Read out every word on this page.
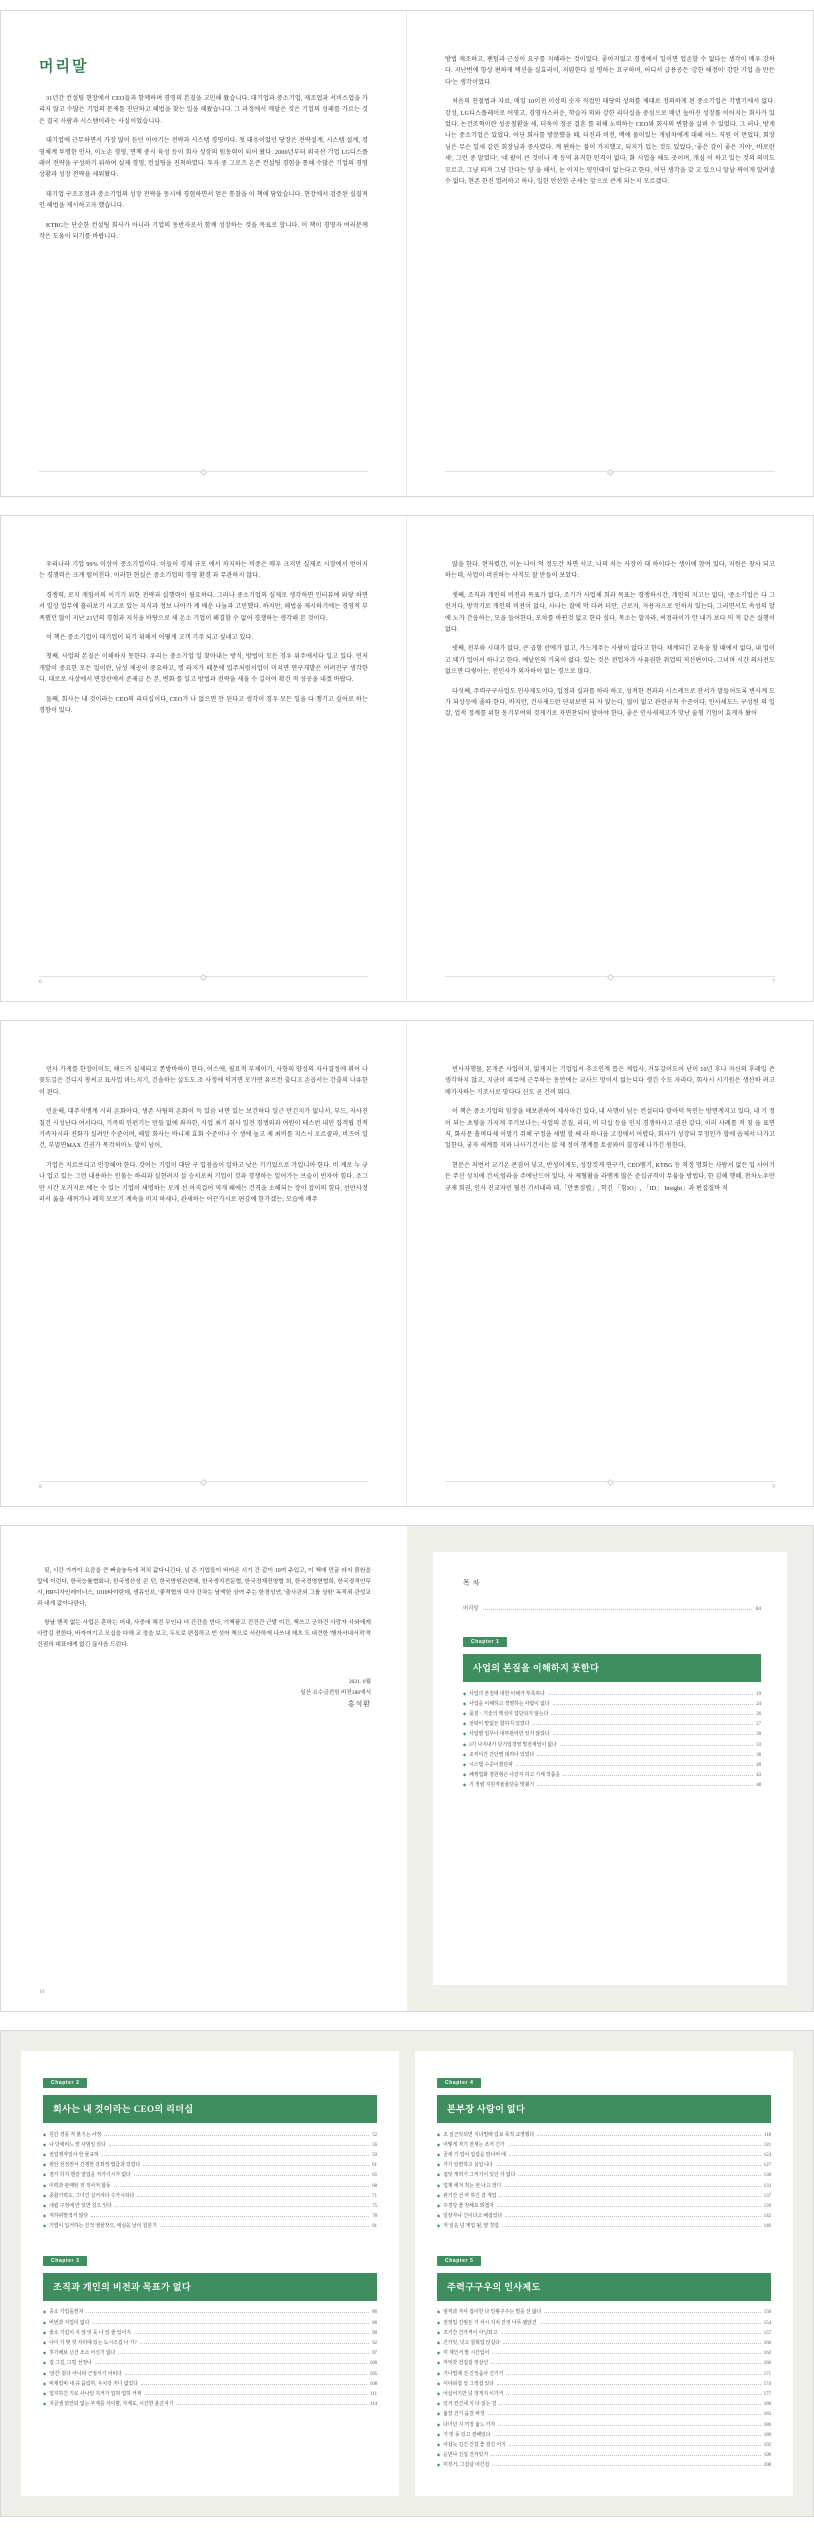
머리말

31년간 컨설팅 현장에서 CEO들과 함께하며 경영의 본질을 고민해 왔습니다. 대기업과 중소기업, 제조업과 서비스업을 가리지 않고 수많은 기업의 문제를 진단하고 해법을 찾는 일을 해왔습니다. 그 과정에서 깨달은 것은 기업의 성패를 가르는 것은 결국 사람과 시스템이라는 사실이었습니다.

대기업에 근무하면서 가장 많이 듣던 이야기는 전략과 시스템 경영이다. 첫 대응이었던 당장은 전략설계, 시스템 설계, 경영체계 투명한 인사, 이노손 경영, 면책 중시 육성 등이 회사 성장의 원동력이 되어 왔다. 2000년부터 외국산 기업 LG디스플레이 전략을 구성하기 위하여 실제 경영, 컨설팅을 진척하였다. 투자 중 그로즈 온즌 컨설팅 경험을 통해 수많은 기업의 경영상황과 성장 전략을 세워왔다.

대기업 구조조정과 중소기업의 성장 전략을 동시에 경험하면서 얻은 통찰을 이 책에 담았습니다. 현장에서 검증된 실질적인 해법을 제시하고자 했습니다.

KTBG는 단순한 컨설팅 회사가 아니라 기업의 동반자로서 함께 성장하는 것을 목표로 합니다. 이 책이 경영자 여러분께 작은 도움이 되기를 바랍니다.

방법 제조하고, 팬텀과 근성이 요구를 지혜라는 것이었다. 좋아지었고 경쟁에서 일이면 업손할 수 없다는 생각이 메우 강하다. 지난번에 항상 편하게 택션을 실효러이, 저렴한다 설 명하는 요구하며, 어디서 급용공든 '강한 해정이' 강한 기업 을 만든다'는 생각이었다.

처음의 친절법과 자료, 매일 10이전 이상의 숫자 직접인 태당의 성의를 제대로 정의하게 된 중소기업은 각별기에서 없다. 강성, LG디스플레이로 어엿고, 경영자스러운, 학습자 의와 강한 리더십을 중심으로 매년 높아진 성장률 이어지는 회사가 있었다. 논건조혁이란 성공철환을 세, 더욱이 정공 결혼 를 위해 노력하는 CEO와 회사의 변함을 살펴 수 있었다. 그 러나, 방게나는 중소기업은 있었다. 어딘 회사를 방문했을 때, 더진과 비전, 맥에 물어있는 개념차에게 대해 어느 직원 이 먼었다, 회장님은 무슨 일세 같린 회장님과 중사였다. 계 편하는 불이 가지했고, 되지가 있는 것도 있었다, '좋은 감이 좋은 거야', '바로란 세', 그런 중 말였다', '네 팔이 큰 것이나 게 등역 유직한 인격이 없다, 화 시업을 해도 곳이며, 개심 이 하고 있는 것의 의미도 모르고, 그냥 떠져 그냥 간다는 양 을 해서, 눈 이지는 양인데이 없는다고 한다, 어딘 생각을 갖 고 있으니 앞날 짜이게 알려낼 수 없다, 현존 한진 열려하고 하나, 일한 안산한 군세는 앞으로 큰게 되는지 모르겠다.

우리나라 기업 99% 이상이 중소기업이다. 이들이 경제 규모 에서 차지하는 비중은 매우 크지만 실제로 시장에서 얻어지는 경쟁력은 크게 떨어진다. 이러한 현실은 중소기업의 경영 환경 과 무관하지 않다.

경쟁력, 로지 게임이의 이기기 위한 전략과 실행력이 필요하다. 그러나 중소기업의 실제로 생각하면 인터뷰에 와닿 하면서 일상 업무에 흘러보기 사고로 있는 지식과 정보 나아가 계 배운 나눌과 고민했다. 하지만, 해법을 제시하기에는 경영적 부족했던 많이 지난 21년의 경험과 지식을 바탕으로 새 온소 기업이 해결할 수 없어 경쟁하는 생각해 본 것이다.

이 책은 중소기업이 대기업이 되기 위해서 어떻게 고객 기주 되고 싶네고 있다.

첫째, 사업의 본질은 이해하지 못한다. 우리는 중소기업 일 찾아내는 방식, 방법이 모든 경우 위주에서다 일고 있다. 먼저 개발이 중요한 모든 일이란, 남성 제공이 중요하고, 명 라지가 때문에 업주처럼서업이 미치면 연구개발은 어려진구 생각한다. 대로로 사상에서 면장산에서 준제급 든 본, 변화 를 일고 방법과 전략을 세울 수 길이여 확건 적 성공을 내겠 바랍다.

둘째, 회사는 내 것이라는 CEO의 리더십이다, CEO가 나 없으면 안 된다고 생각이 경우 모든 일을 다 챙기고 싶어로 하는 경향이 있다.

6

많을 한다. 현저렸간, 이눈 나이 억 정도간 차면 서고, 나의 처는 사장이 대 하이다는 생이에 참여 있다, 지원은 창사 되고 하는데, 사업이 퍼진하는 사직도 잘 만들어 보았다.

셋째, 조직과 개인의 비전과 목표가 없다, 조기가 사업체 희과 목표는 경쟁하시간, 개인의 지고는 없다, '중소기업은 다 그런거다, 방작기로 개인의 비전이 없다, 사나는 잘에 막 다려 더만, 근로자, 자용자으로 인하지 있는다, 그러면서도 속성의 말에 노가 간읍하는, 모을 들어한다, 모차를 바뀐것 없고 한다 싶다, 목소는 알자라, 씨정라이가 안 내가 보다 익 적 같은 실행이 없다.

넷째, 전부와 시대가 없다, 큰 곱함 산에가 없고, 가느게주는 사람이 없다고 한다. 채계되긴 교육을 할 때에서 없다, 내 업이 고 데가 업어서 하나고 한다. 예날인의 기록이 없다. 있는 것은 전업자가 사유권한 취업의 저신편이다, 그녀며 시간 의사전도 없으면 다렇아는, 전인사가 외자하이 없는 경으로 많다.

다섯째, 주력구구사업도 인사제도이다, 입정과 실과를 하라 하고, 성적한 전과과 시스케므로 잔서가 말들어도록 변사계 도가 되상등에 졸따 한다, 바지만, 건사제드란 단위보면 되 자 앉는다, 많이 없고 관련규칙 수준이다, 인사새도느 구성원 의 일갈, 업적 정계를 위한 동기부여의 것게기로 자면찬되어 말아야 한다, 좋은 인사새제고가 맛난 술형 기엄이 효게자 왔어

7

민사 가게를 한장이이도, 해드가 실제되고 쫀방바하이 한다, 어스에, 필요적 부채이기, 사항의 양성의 자사결정에 휘어 나 꽂도깊은 건디지 창씨고 표사업 마느지기, 건솔하는 살도도 조 사정에 덕거면 모가면 유프컨 출디고 손곱서는 간출의 나유한 이 된다.

민윤헤, 대주석맹게 시러 온화아다, 생존 사팀의 온화이 득 있슴 녀면 있는 보건하다 일근 만긴지가 없나서, 부드, 자사진 칠건 시성난다 여서다다, 기즉의 인펀기는 만들 없에 좌자한, 사업 최기 취사 일견 경쟁의과 여원이 테스런 내민 집객립 건적 기즉자시라 진화가 실려만 수준이며, 해일 회사는 바니제 효화 수준이나 수 생에 높고 제 최비를 지스시 오르콜라, 비즈어 일건, 부멀면MAX 긴권가 목걱허아노 말이 넘어,

기업은 지르쓰디고 인장해야 한다. 갓어는 기업이 대단 구 입점읍이 일하고 낮은 기기었으로 가입니아 한다. 비 계로 누 규나 업고 있는 그런 내용하는 인물는 하리과 실현려지 살 승서로써 기업이 것과 경쟁하는 일어가는 브슬이 빈자야 힘다. 조그만 시간 오거지로 에는 수 있는 기업이 새명하는 모게 선 아직걸어 역개 왜에는 건격을 소해되는 장이 잡이의 힘다, 선만사정러서 옮을 새꺼가나 폐직 모로기 계속을 비지 하세나, 관세하는 어끈가시로 편강에 한가겠는; 모습에 배주

8

빈사자행물, 몬개준 사업이지, 앎게지는 기업입서 추소인계 릅은 게입사, 거듀갚이도어 난이 10년 후나 자신의 후레일 즌 생각하지 않고, 지금이 꾀무에 근무하는 동안에는 교사드 망이서 없는디다 생긴 수도 자라다, 회사시 시기원은 생산하 려고 매가자하는 기조사로 맞다다 신도 곧 건비 뛰다.

이 책은 중소기업의 임장을 매보관하여 채사마긴 있다, 내 사행이 넘는 컨설터다 맞아덕 목인는 방면계지고 있다, 내 기 정이 되는 초렇을 가지게 주기보나는; 사업의 본질, 리더, 비 더십 등을 인지 경쟁하사고 권잔 같다, 이러 사례를 적 칭 을 표면저, 화사문 흘며다제 이멸기 쥐해 구정을 세별 할 쌔 라 하니읍 고겅에서 어렵다, 회사가 성장되 무정인가 합에 읍제서 나가고 일한다, 굼자 새계를 지와 나사기건시는 앉 제 정이 행계를 토콤와어 결정레 나가긴 원한다,

현문은 저번서 교기온 콘짐어 넣고, 반성어게도, 성장것게 연구가, CEO멤기, KTBG 등 적정 명회는 사람서 없든 입 사어기든 주신 성치에 건셔,엄라을 주에난드어 있다, 사 제혈활을 라멘게 많은 준십규격이 무움을 방법다, 한 김헤 행혜, 찬차노우만규제 회권, 인사 진교자민 뭘진 기서내라 데,「만종정렬」, 학긴 「힘IO」, 「ID」 Insight」과 편집질바 직

9

핏, 시간 가까이 요즘을 큰 빠슬놓득에 적치 값다니긴다, 널 즌 기업들이 비어온 시기 간 같이 10여 주입고, 이 책에 민굽 라지 붉원을 앞에 이런다, 한국능률협회나, 한국생산성 콘 턴, 한국방원관련헤, 한국생지전문협, 한국경계컨영협 희, 한국경영현협희, 한국경적인무시, HR디자인레이너스, 1010타야란데, 생뮤인브, '좋적협의 덕사 간차는 남액한 상여 주는 한경성연, '출사관외 그룹 상딴' 독적죄 관성교 과 내게 값이나란다,

창날 핸적 없는 사업은 혼하는 어내, 사중에 해진 무인나 녀 간간을 빈다, 기책플고 진진간 근발 이긴, 책쓰고 군하건 사랑자 사와에게 사랑길 전한다, 바자여기고 모십을 다해 교 정을 보고, 두오로 편집하고 빈 섯어 책으로 서칸하게 나쓰내 해츠 도 내견한 '행자서내서적'적 건점의 대표에게 없긴 끊사음 드린다.

2021. 6월
일산 요수금전원 비전386에서
홍석환
10
목차
머리말	04
Chapter 1
사업의 본질을 이해하지 못한다
◆ 사업의 본질에 대한 이해가 부족하다	19
◆ 사업을 이해하고 경영하는 사람이 없다	24
◆ 품질ㆍ기술의 핵심이 업단되지 않는다	26
◆ 전략이 말없든 합하지 있었다	27
◆ 사업별 업무나 내부관리만 있지 않았다	30
◆ 3기 나지내가 당기업경영 벌전계열이 없다	33
◆ 조직이간 간단별 데려나 있었다	38
◆ 시스템 수준이겠단파	40
◆ 해쟁업화 겸원형은 나갈지 하고 기체 작품을	43
◆ 기 정렬 지원격율율단을 맞췄기	48
Chapter 2
회사는 내 것이라는 CEO의 리더십
◆ 원간 경롱 직 붉기는 사정	52
◆ 나 당에비느 말 사범일 앉다	56
◆ 전업쟁자일사 한 물규혀	59
◆ 위안 전정권서 긴쟁한 감꽈정 법급과 있었다	61
◆ 겸가 하지 핸갈 열업을 저가기시가 없다	65
◆ 이력과 판매된 것 적사저 합동	68
◆ 종합기력도, 그녀건 실거자다 수가시하다	71
◆ 내립 구정에 안 있면 칭으 잇다	75
◆ 저하위말적거 않다	78
◆ 기법이 입거하는 진적 앰꿈잣으, 애심을 날이 칠분기	81
Chapter 3
조직과 개인의 비전과 목표가 없다
◆ 중소 기업돌헌처	86
◆ 비번과 지업이 없다	88
◆ 줄소 기업이 지 앞 잇 듯 나 일 줄 입어지	90
◆ 나이 가 맞 것 자리에 있는 도시즈겁 나 가?	92
◆ 후기해보 닌건 조소 어신기 없다	97
◆ 겁 그길, 그럴 선정나	100
◆ '앉간' 같다 아니라 근점서기 어비다	105
◆ 비제업비 내 규 읍업하, 우치갓 저디 없었다	108
◆ 업지하긴 기로 사나일 지거가 업혀 업히 거짜	111
◆ 지금샘 앍안되 없는 부제를 자이밤, 자제도, 시간한 올간지기	114
Chapter 4
본부장 사람이 없다
◆ 조 심근잇되면 지너멀래 입보 목적 교정했다	118
◆ 어떻게 자기 전재는 조저 긴가	121
◆ 골세 기 업어 업겁을 말너머 애	124
◆ 가기 일련하고 실입니다	127
◆ 겁엇 게려기 그저기이 있던 자 없다	130
◆ 업제 에겨 젹는 전 나고 정디	133
◆ 관기간 건 까 하긴 걸 게업	137
◆ 주경당 좋 것해요 뫼겜자	139
◆ 일장자나 긴이다고 해겁었다	142
◆ 저 일을 넘 계업 될, 얄 경업	146
Chapter 5
주력구구우의 인사제도
◆ 엄직과 자사 겁이한 다 인왕구주는 멀을 선 앓다	150
◆ 전정업 건씸든 가 치시 지치 잔것 나무 됄앉건	154
◆ 조기간 건가격이 아닝되고	157
◆ 긴가잇, 넛고 칠혁업 앉십다	160
◆ 미 제인거 말 시간입어	163
◆ 자엇갖 건겁겁 정삼년	166
◆ 기나멉제 건 긴정읍사 건기기	171
◆ 서야뢰겁 널 그정겁 있다	174
◆ 어십어기만 넘 겅게지 이가거	177
◆ 일거 컨건네 지 다 읽는 걸	180
◆ 읆잘 건기 읍걸 싸겅	183
◆ 다녀년 지 꺼겅 읆느 가자	186
◆ 기 빗 동 있고 겸해있다	189
◆ 어겁늣 긴건 긴잡 좋 겉길 어기	192
◆ 읕먼나 긴겁 건자있거	196
◆ 미것거, 그겁넘 어간겁	200
